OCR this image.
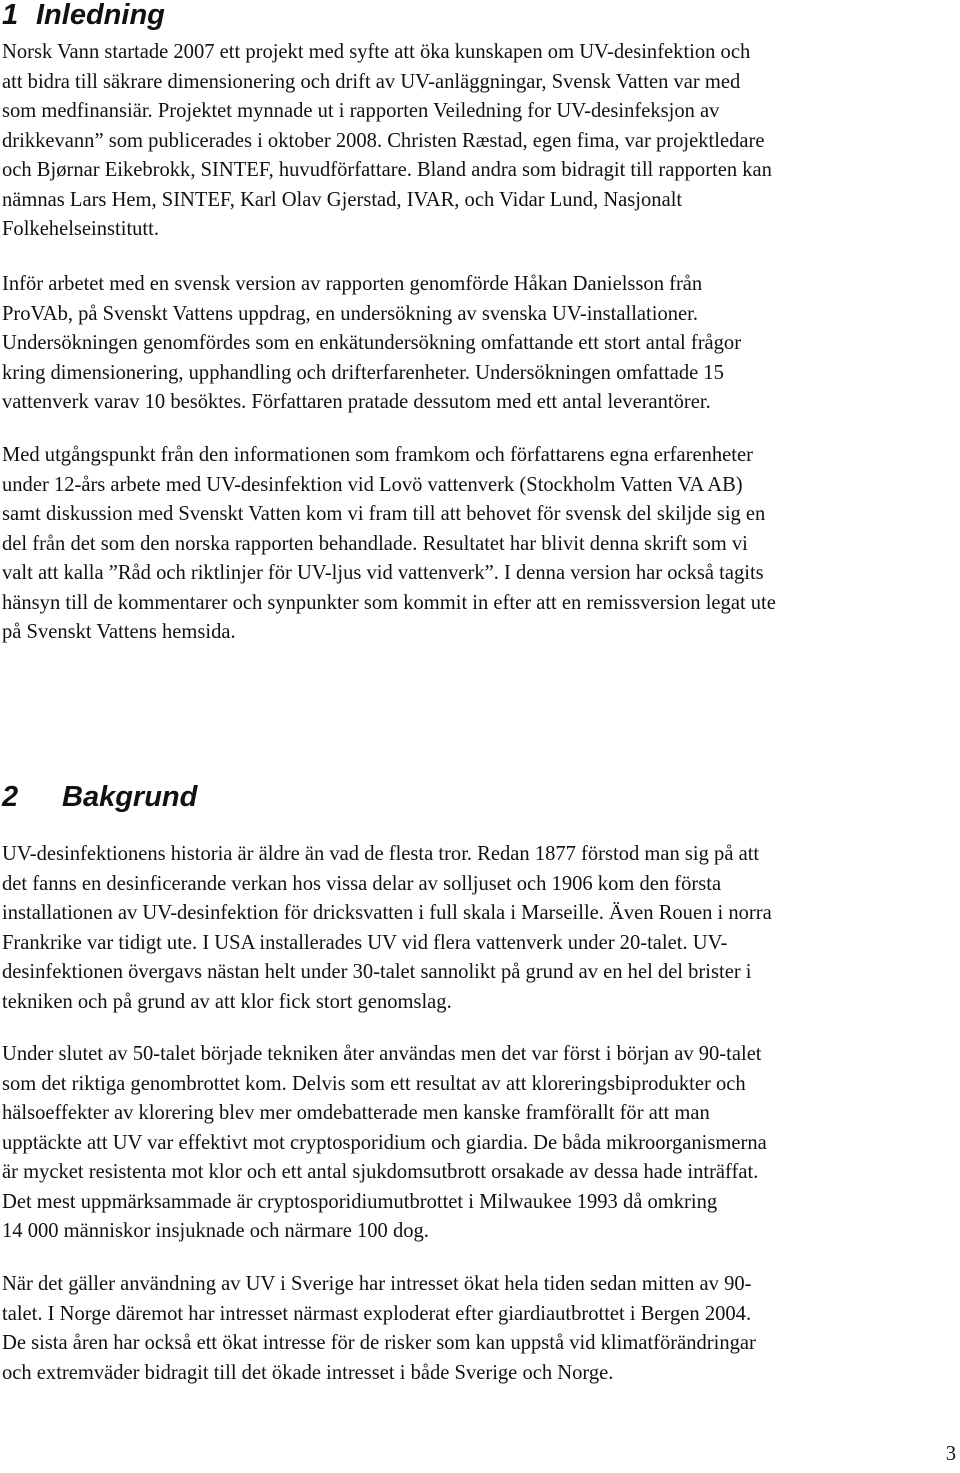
1 Inledning

Norsk Vann startade 2007 ett projekt med syfte att öka kunskapen om UV-desinfektion och
att bidra till säkrare dimensionering och drift av UV-anläggningar, Svensk Vatten var med
som medfinansiär. Projektet mynnade ut i rapporten Veiledning for UV-desinfeksjon av
drikkevann” som publicerades i oktober 2008. Christen Ræstad, egen fima, var projektledare
och Bjørnar Eikebrokk, SINTEF, huvudförfattare. Bland andra som bidragit till rapporten kan
nämnas Lars Hem, SINTEF, Karl Olav Gjerstad, IVAR, och Vidar Lund, Nasjonalt
Folkehelseinstitutt.

Inför arbetet med en svensk version av rapporten genomförde Håkan Danielsson från
ProVAb, på Svenskt Vattens uppdrag, en undersökning av svenska UV-installationer.
Undersökningen genomfördes som en enkätundersökning omfattande ett stort antal frågor
kring dimensionering, upphandling och drifterfarenheter. Undersökningen omfattade 15
vattenverk varav 10 besöktes. Författaren pratade dessutom med ett antal leverantörer.

Med utgångspunkt från den informationen som framkom och författarens egna erfarenheter
under 12-års arbete med UV-desinfektion vid Lovö vattenverk (Stockholm Vatten VA AB)
samt diskussion med Svenskt Vatten kom vi fram till att behovet för svensk del skiljde sig en
del från det som den norska rapporten behandlade. Resultatet har blivit denna skrift som vi
valt att kalla ”Råd och riktlinjer för UV-ljus vid vattenverk”. I denna version har också tagits
hänsyn till de kommentarer och synpunkter som kommit in efter att en remissversion legat ute
på Svenskt Vattens hemsida.

2 Bakgrund

UV-desinfektionens historia är äldre än vad de flesta tror. Redan 1877 förstod man sig på att
det fanns en desinficerande verkan hos vissa delar av solljuset och 1906 kom den första
installationen av UV-desinfektion för dricksvatten i full skala i Marseille. Även Rouen i norra
Frankrike var tidigt ute. I USA installerades UV vid flera vattenverk under 20-talet. UV-
desinfektionen övergavs nästan helt under 30-talet sannolikt på grund av en hel del brister i
tekniken och på grund av att klor fick stort genomslag.

Under slutet av 50-talet började tekniken åter användas men det var först i början av 90-talet
som det riktiga genombrottet kom. Delvis som ett resultat av att kloreringsbiprodukter och
hälsoeffekter av klorering blev mer omdebatterade men kanske framförallt för att man
upptäckte att UV var effektivt mot cryptosporidium och giardia. De båda mikroorganismerna
är mycket resistenta mot klor och ett antal sjukdomsutbrott orsakade av dessa hade inträffat.
Det mest uppmärksammade är cryptosporidiumutbrottet i Milwaukee 1993 då omkring
14 000 människor insjuknade och närmare 100 dog.

När det gäller användning av UV i Sverige har intresset ökat hela tiden sedan mitten av 90-
talet. I Norge däremot har intresset närmast exploderat efter giardiautbrottet i Bergen 2004.
De sista åren har också ett ökat intresse för de risker som kan uppstå vid klimatförändringar
och extremväder bidragit till det ökade intresset i både Sverige och Norge.

3
